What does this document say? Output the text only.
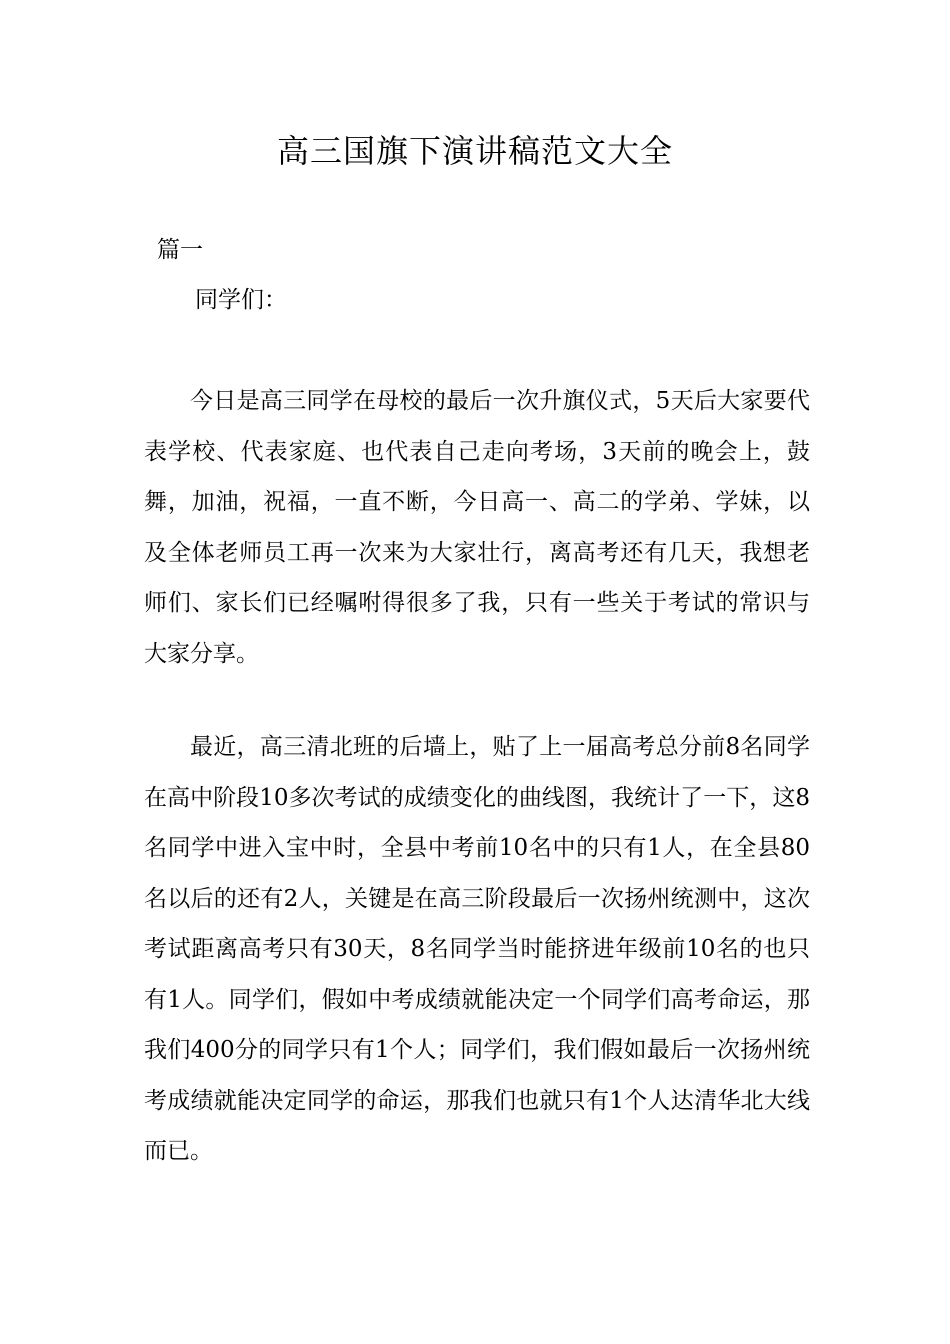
高三国旗下演讲稿范文大全

篇一

同学们：

今日是高三同学在母校的最后一次升旗仪式，5天后大家要代表学校、代表家庭、也代表自己走向考场，3天前的晚会上，鼓舞，加油，祝福，一直不断，今日高一、高二的学弟、学妹，以及全体老师员工再一次来为大家壮行，离高考还有几天，我想老师们、家长们已经嘱咐得很多了我，只有一些关于考试的常识与大家分享。

最近，高三清北班的后墙上，贴了上一届高考总分前8名同学在高中阶段10多次考试的成绩变化的曲线图，我统计了一下，这8名同学中进入宝中时，全县中考前10名中的只有1人，在全县80名以后的还有2人，关键是在高三阶段最后一次扬州统测中，这次考试距离高考只有30天，8名同学当时能挤进年级前10名的也只有1人。同学们，假如中考成绩就能决定一个同学们高考命运，那我们400分的同学只有1个人；同学们，我们假如最后一次扬州统考成绩就能决定同学的命运，那我们也就只有1个人达清华北大线而已。
